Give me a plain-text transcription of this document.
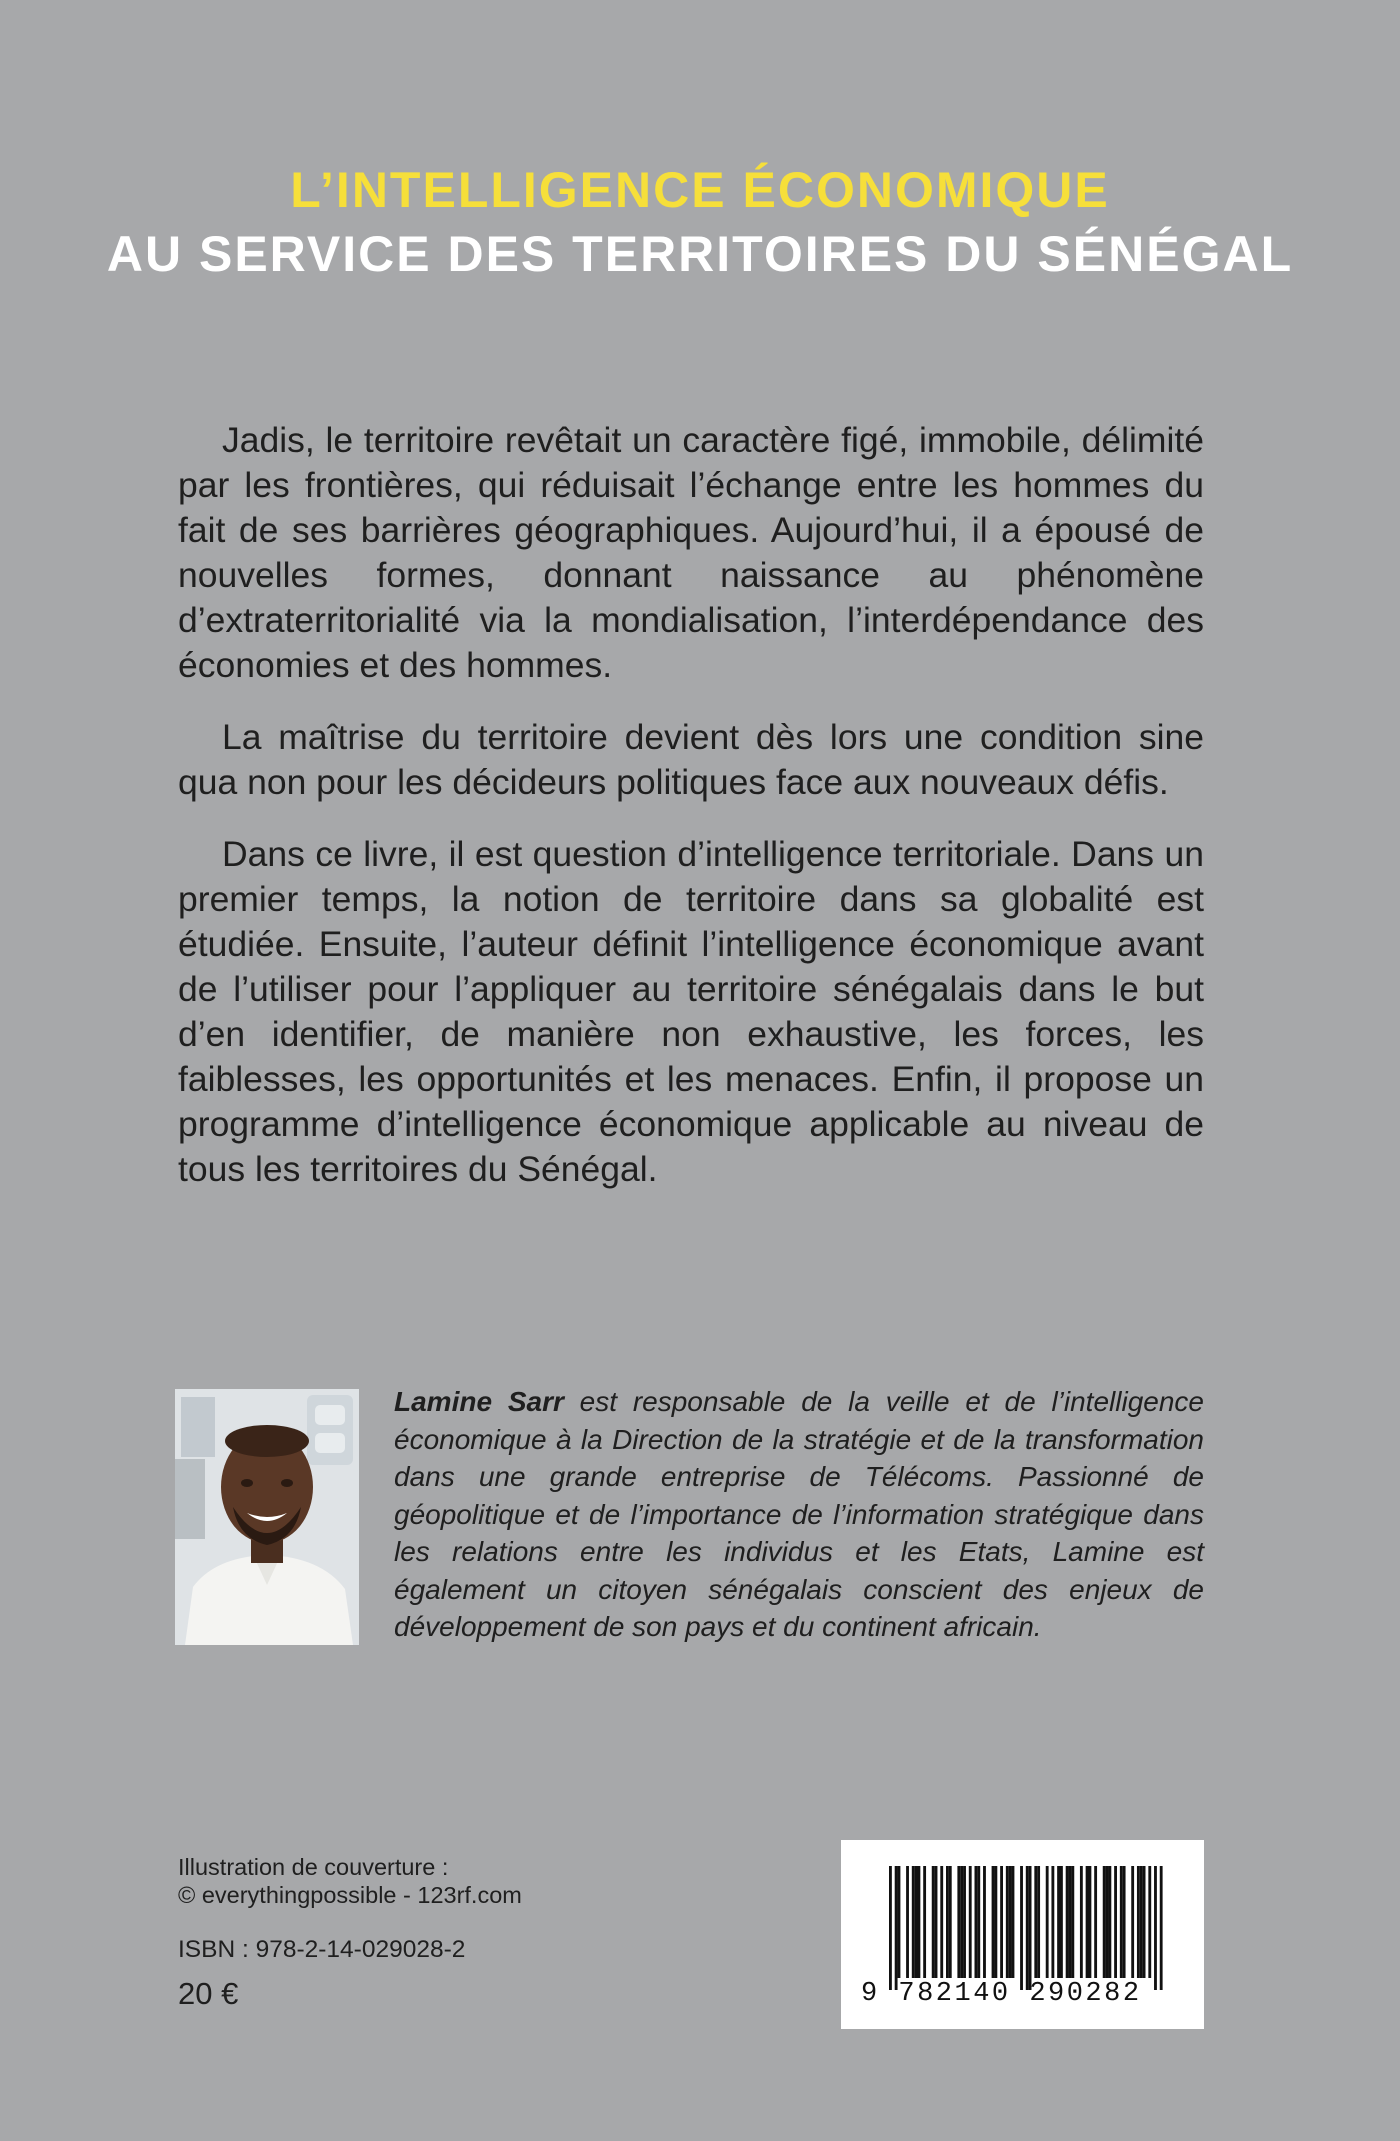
L’INTELLIGENCE ÉCONOMIQUE
AU SERVICE DES TERRITOIRES DU SÉNÉGAL

Jadis, le territoire revêtait un caractère figé, immobile, délimité par les frontières, qui réduisait l’échange entre les hommes du fait de ses barrières géographiques. Aujourd’hui, il a épousé de nouvelles formes, donnant naissance au phénomène d’extraterritorialité via la mondialisation, l’interdépendance des économies et des hommes.

La maîtrise du territoire devient dès lors une condition sine qua non pour les décideurs politiques face aux nouveaux défis.

Dans ce livre, il est question d’intelligence territoriale. Dans un premier temps, la notion de territoire dans sa globalité est étudiée. Ensuite, l’auteur définit l’intelligence économique avant de l’utiliser pour l’appliquer au territoire sénégalais dans le but d’en identifier, de manière non exhaustive, les forces, les faiblesses, les opportunités et les menaces. Enfin, il propose un programme d’intelligence économique applicable au niveau de tous les territoires du Sénégal.

Lamine Sarr est responsable de la veille et de l’intelligence économique à la Direction de la stratégie et de la transformation dans une grande entreprise de Télécoms. Passionné de géopolitique et de l’importance de l’information stratégique dans les relations entre les individus et les Etats, Lamine est également un citoyen sénégalais conscient des enjeux de développement de son pays et du continent africain.
Illustration de couverture :
© everythingpossible - 123rf.com
ISBN : 978-2-14-029028-2
20 €	9 782140 290282
